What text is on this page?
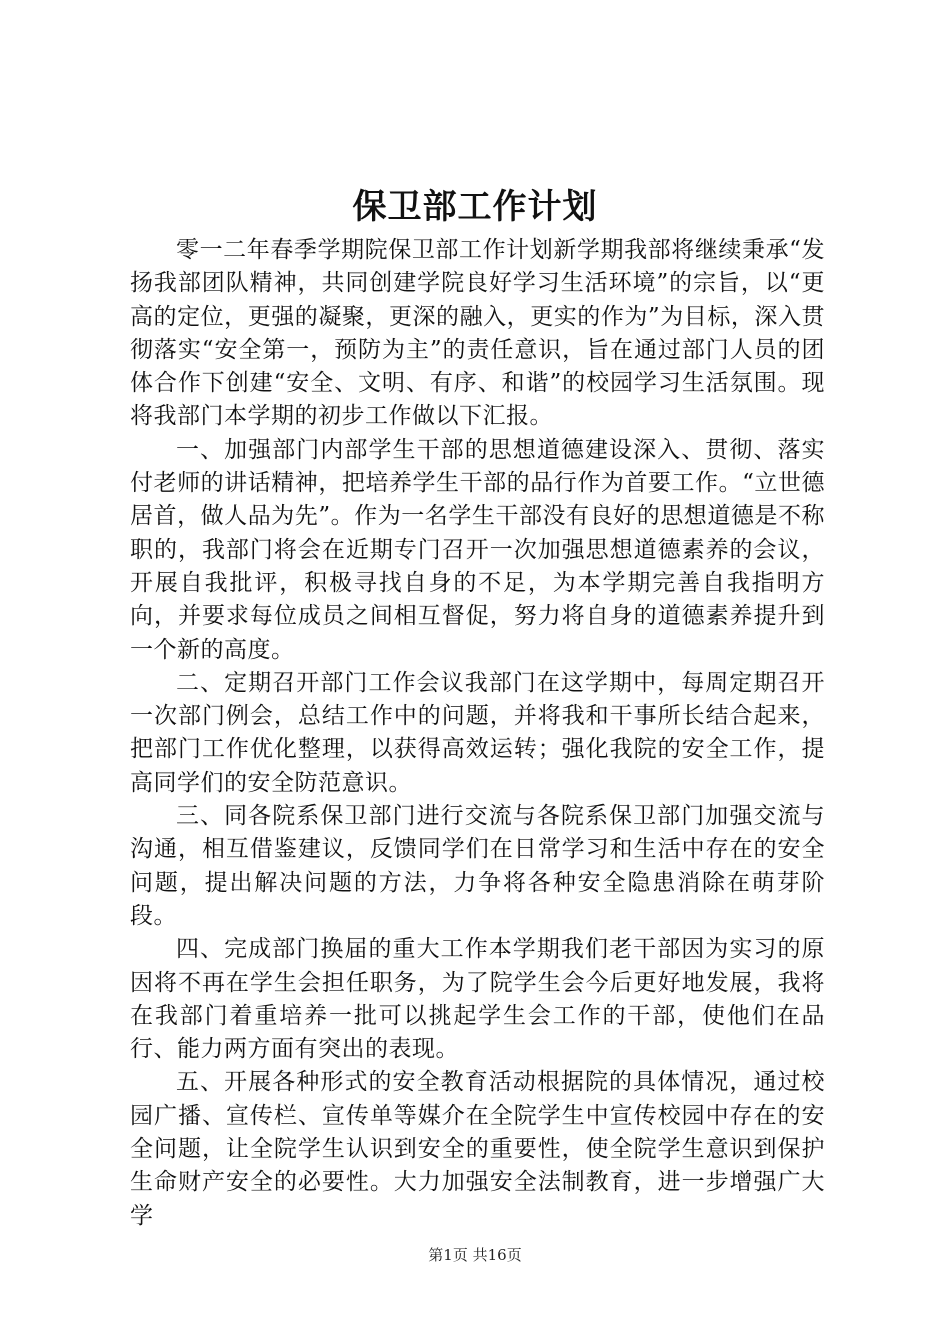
保卫部工作计划

零一二年春季学期院保卫部工作计划新学期我部将继续秉承“发扬我部团队精神，共同创建学院良好学习生活环境”的宗旨，以“更高的定位，更强的凝聚，更深的融入，更实的作为”为目标，深入贯彻落实“安全第一，预防为主”的责任意识，旨在通过部门人员的团体合作下创建“安全、文明、有序、和谐”的校园学习生活氛围。现将我部门本学期的初步工作做以下汇报。

一、加强部门内部学生干部的思想道德建设深入、贯彻、落实付老师的讲话精神，把培养学生干部的品行作为首要工作。“立世德居首，做人品为先”。作为一名学生干部没有良好的思想道德是不称职的，我部门将会在近期专门召开一次加强思想道德素养的会议，开展自我批评，积极寻找自身的不足，为本学期完善自我指明方向，并要求每位成员之间相互督促，努力将自身的道德素养提升到一个新的高度。

二、定期召开部门工作会议我部门在这学期中，每周定期召开一次部门例会，总结工作中的问题，并将我和干事所长结合起来，把部门工作优化整理，以获得高效运转；强化我院的安全工作，提高同学们的安全防范意识。

三、同各院系保卫部门进行交流与各院系保卫部门加强交流与沟通，相互借鉴建议，反馈同学们在日常学习和生活中存在的安全问题，提出解决问题的方法，力争将各种安全隐患消除在萌芽阶段。

四、完成部门换届的重大工作本学期我们老干部因为实习的原因将不再在学生会担任职务，为了院学生会今后更好地发展，我将在我部门着重培养一批可以挑起学生会工作的干部，使他们在品行、能力两方面有突出的表现。

五、开展各种形式的安全教育活动根据院的具体情况，通过校园广播、宣传栏、宣传单等媒介在全院学生中宣传校园中存在的安全问题，让全院学生认识到安全的重要性，使全院学生意识到保护生命财产安全的必要性。大力加强安全法制教育，进一步增强广大学

第1页 共16页
